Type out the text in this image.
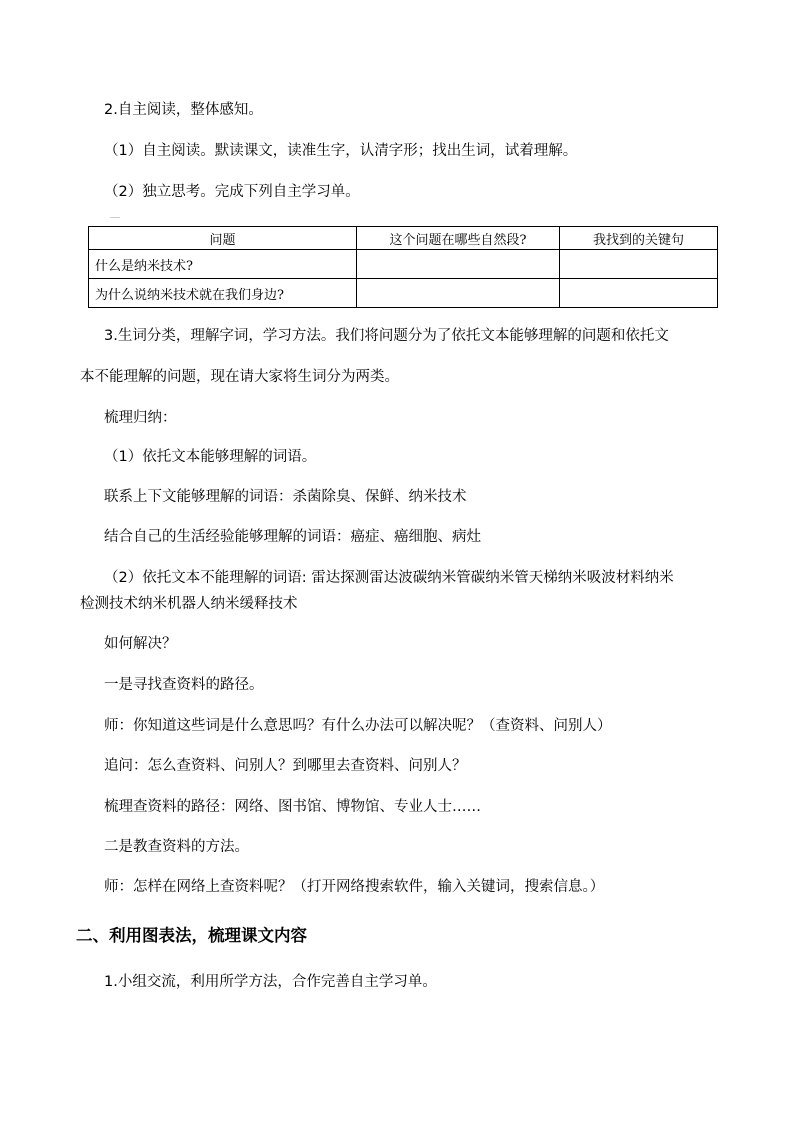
2.自主阅读，整体感知。
（1）自主阅读。默读课文，读准生字，认清字形；找出生词，试着理解。
（2）独立思考。完成下列自主学习单。
问题	这个问题在哪些自然段?	我找到的关键句
什么是纳米技术?		
为什么说纳米技术就在我们身边?		
3.生词分类，理解字词，学习方法。我们将问题分为了依托文本能够理解的问题和依托文
本不能理解的问题，现在请大家将生词分为两类。
梳理归纳：
（1）依托文本能够理解的词语。
联系上下文能够理解的词语：杀菌除臭、保鲜、纳米技术
结合自己的生活经验能够理解的词语：癌症、癌细胞、病灶
（2）依托文本不能理解的词语: 雷达探测雷达波碳纳米管碳纳米管天梯纳米吸波材料纳米
检测技术纳米机器人纳米缓释技术
如何解决？
一是寻找查资料的路径。
师：你知道这些词是什么意思吗？有什么办法可以解决呢？（查资料、问别人）
追问：怎么查资料、问别人？到哪里去查资料、问别人？
梳理查资料的路径：网络、图书馆、博物馆、专业人士……
二是教查资料的方法。
师：怎样在网络上查资料呢？（打开网络搜索软件，输入关键词，搜索信息。）
二、利用图表法，梳理课文内容
1.小组交流，利用所学方法，合作完善自主学习单。
